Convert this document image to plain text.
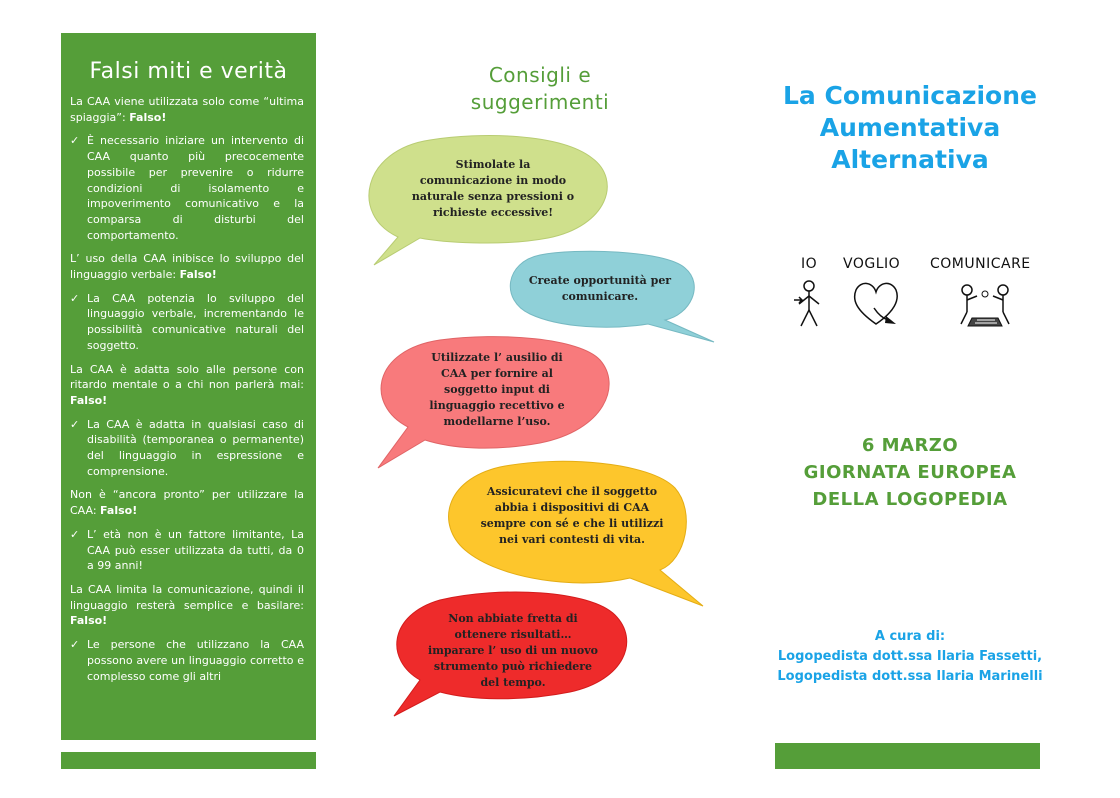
Falsi miti e verità

La CAA viene utilizzata solo come “ultima spiaggia”: Falso!

✓ È necessario iniziare un intervento di CAA quanto più precocemente possibile per prevenire o ridurre condizioni di isolamento e impoverimento comunicativo e la comparsa di disturbi del comportamento.

L’ uso della CAA inibisce lo sviluppo del linguaggio verbale: Falso!

✓ La CAA potenzia lo sviluppo del linguaggio verbale, incrementando le possibilità comunicative naturali del soggetto.

La CAA è adatta solo alle persone con ritardo mentale o a chi non parlerà mai: Falso!

✓ La CAA è adatta in qualsiasi caso di disabilità (temporanea o permanente) del linguaggio in espressione e comprensione.

Non è “ancora pronto” per utilizzare la CAA: Falso!

✓ L’ età non è un fattore limitante, La CAA può esser utilizzata da tutti, da 0 a 99 anni!

La CAA limita la comunicazione, quindi il linguaggio resterà semplice e basilare: Falso!

✓ Le persone che utilizzano la CAA possono avere un linguaggio corretto e complesso come gli altri

Consigli e suggerimenti
Stimolate la comunicazione in modo naturale senza pressioni o richieste eccessive!
Create opportunità per comunicare.
Utilizzate l’ ausilio di CAA per fornire al soggetto input di linguaggio recettivo e modellarne l’uso.
Assicuratevi che il soggetto abbia i dispositivi di CAA sempre con sé e che li utilizzi nei vari contesti di vita.
Non abbiate fretta di ottenere risultati… imparare l’ uso di un nuovo strumento può richiedere del tempo.
La Comunicazione Aumentativa Alternativa
IO VOGLIO COMUNICARE
6 MARZO
GIORNATA EUROPEA
DELLA LOGOPEDIA
A cura di:
Logopedista dott.ssa Ilaria Fassetti,
Logopedista dott.ssa Ilaria Marinelli
